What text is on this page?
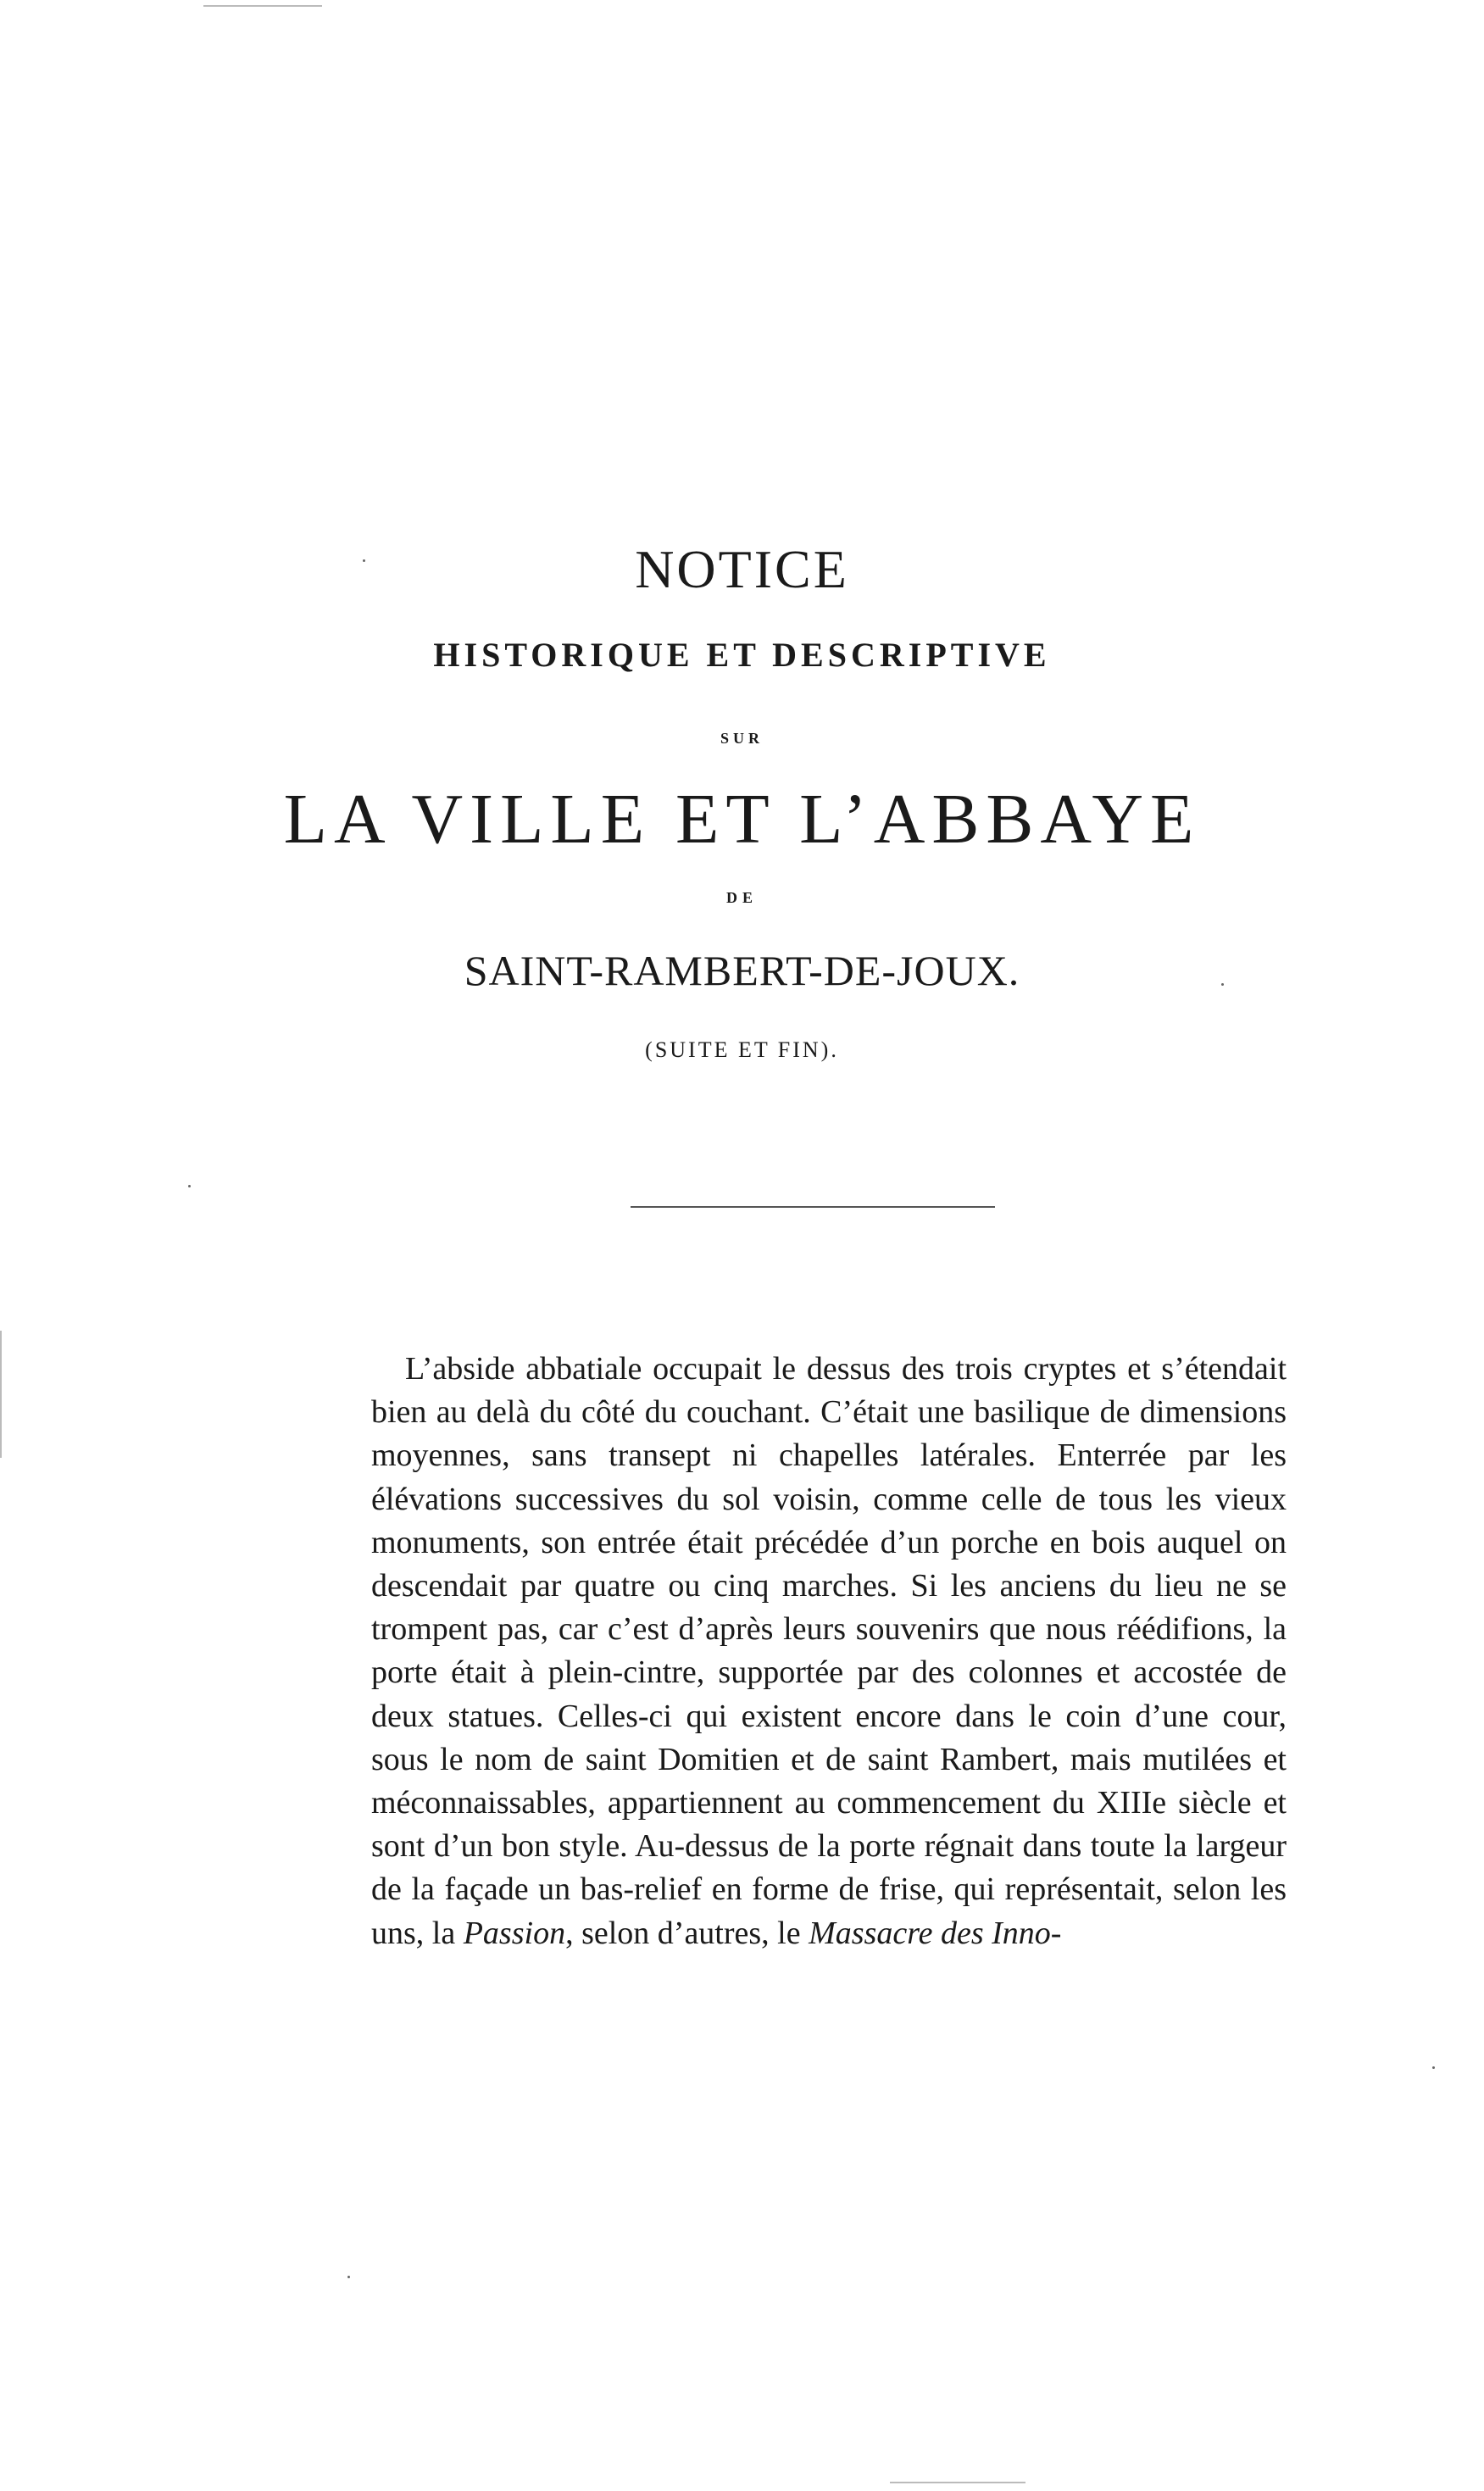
NOTICE
HISTORIQUE ET DESCRIPTIVE
SUR
LA VILLE ET L’ABBAYE
DE
SAINT-RAMBERT-DE-JOUX.
(SUITE ET FIN).
L’abside abbatiale occupait le dessus des trois cryptes et s’étendait bien au delà du côté du couchant. C’était une basilique de dimensions moyennes, sans transept ni chapelles latérales. Enterrée par les élévations successives du sol voisin, comme celle de tous les vieux monuments, son entrée était précédée d’un porche en bois auquel on descendait par quatre ou cinq marches. Si les anciens du lieu ne se trompent pas, car c’est d’après leurs souvenirs que nous réédifions, la porte était à plein-cintre, supportée par des colonnes et accostée de deux statues. Celles-ci qui existent encore dans le coin d’une cour, sous le nom de saint Domitien et de saint Rambert, mais mutilées et méconnaissables, appartiennent au commencement du XIIIe siècle et sont d’un bon style. Au-dessus de la porte régnait dans toute la largeur de la façade un bas-relief en forme de frise, qui représentait, selon les uns, la Passion, selon d’autres, le Massacre des Inno-
